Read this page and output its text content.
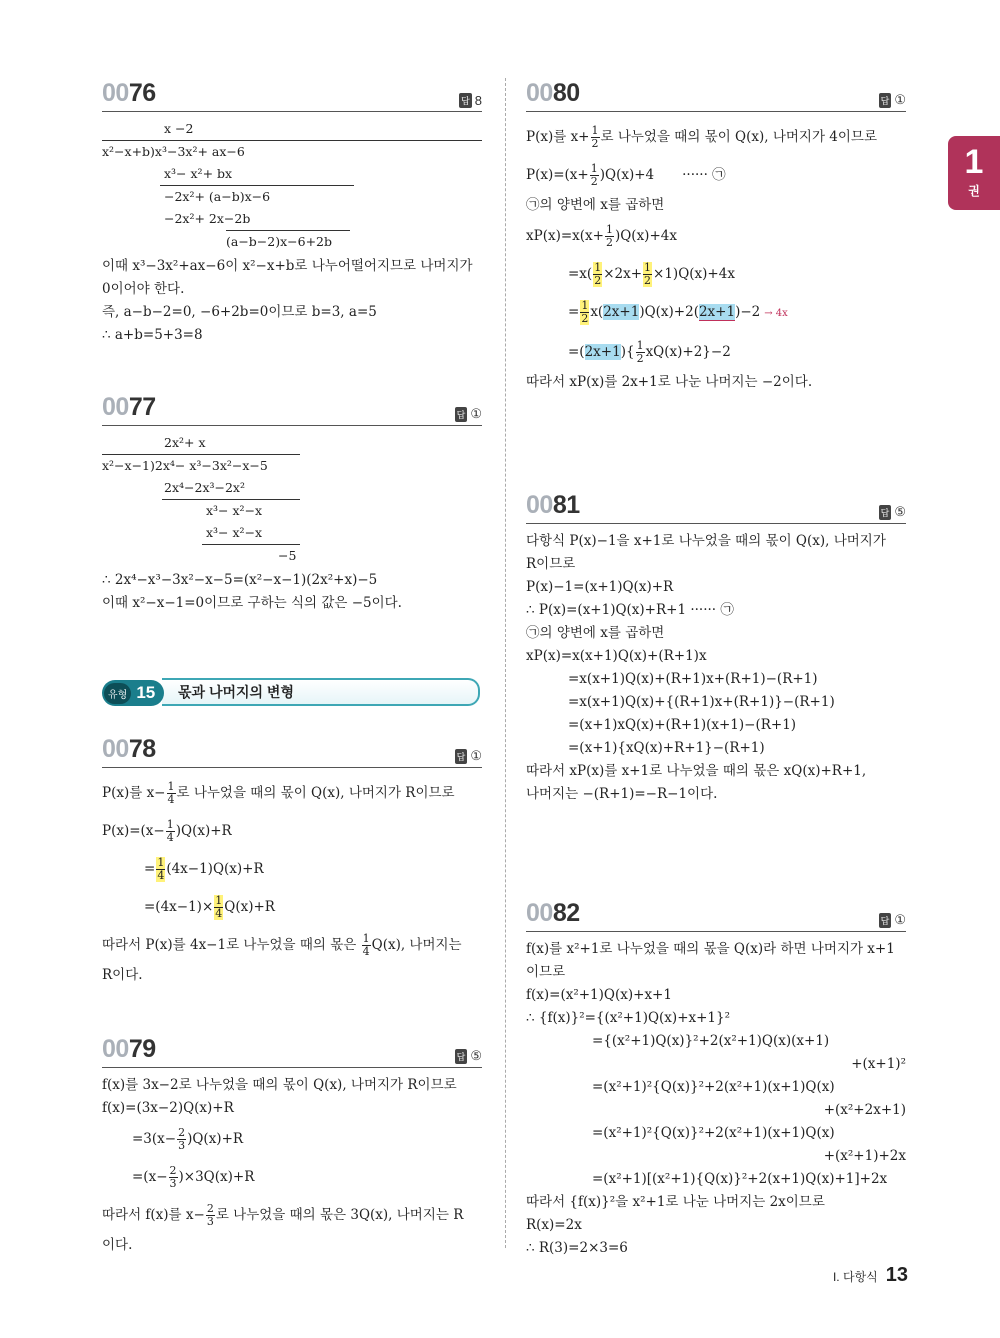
1
권
0076	답 8
x −2
x²−x+b)x³−3x²+ ax−6
x³− x²+ bx
−2x²+ (a−b)x−6
−2x²+ 2x−2b
(a−b−2)x−6+2b
이때 x³−3x²+ax−6이 x²−x+b로 나누어떨어지므로 나머지가
0이어야 한다.
즉, a−b−2=0, −6+2b=0이므로 b=3, a=5
∴ a+b=5+3=8
0077	답 ①
2x²+ x
x²−x−1)2x⁴− x³−3x²−x−5
2x⁴−2x³−2x²
x³− x²−x
x³− x²−x
−5
∴ 2x⁴−x³−3x²−x−5=(x²−x−1)(2x²+x)−5
이때 x²−x−1=0이므로 구하는 식의 값은 −5이다.
몫과 나머지의 변형
유형 15
0078	답 ①
P(x)를 $x- \frac{1}{4}$ 로 나누었을 때의 몫이 Q(x), 나머지가 R이므로
$P(x)=(x- \frac{1}{4} )Q(x)+R$
= $\frac{1}{4} (4x-1)Q(x)+R$
$=(4x-1)\times \frac{1}{4} Q(x)+R$
따라서 P(x)를 4x−1로 나누었을 때의 몫은 $\frac{1}{4} Q(x)$, 나머지는
R이다.
0079	답 ⑤
f(x)를 3x−2로 나누었을 때의 몫이 Q(x), 나머지가 R이므로
f(x)=(3x−2)Q(x)+R
$=3(x- \frac{2}{3} )Q(x)+R$
$=(x- \frac{2}{3} )\times 3Q(x)+R$
따라서 f(x)를 $x- \frac{2}{3}$ 로 나누었을 때의 몫은 3Q(x), 나머지는 R
이다.
0080	답 ①
P(x)를 $x+ \frac{1}{2}$ 로 나누었을 때의 몫이 Q(x), 나머지가 4이므로
$P(x)=(x+ \frac{1}{2} )Q(x)+4$ ······ ㉠
㉠의 양변에 x를 곱하면
$xP(x)=x(x+ \frac{1}{2} )Q(x)+4x$
$=x( \frac{1}{2} \times 2x+ \frac{1}{2} \times 1)Q(x)+4x$
= $\frac{1}{2} x(2x+1)Q(x)+2(2x+1)-2 \to 4x$
$=(2x+1)\{ \frac{1}{2} xQ(x)+2\}-2$
따라서 xP(x)를 2x+1로 나눈 나머지는 −2이다.
0081	답 ⑤
다항식 P(x)−1을 x+1로 나누었을 때의 몫이 Q(x), 나머지가
R이므로
P(x)−1=(x+1)Q(x)+R
∴ P(x)=(x+1)Q(x)+R+1 ······ ㉠
㉠의 양변에 x를 곱하면
xP(x)=x(x+1)Q(x)+(R+1)x
=x(x+1)Q(x)+(R+1)x+(R+1)−(R+1)
=x(x+1)Q(x)+{(R+1)x+(R+1)}−(R+1)
=(x+1)xQ(x)+(R+1)(x+1)−(R+1)
=(x+1){xQ(x)+R+1}−(R+1)
따라서 xP(x)를 x+1로 나누었을 때의 몫은 xQ(x)+R+1,
나머지는 −(R+1)=−R−1이다.
0082	답 ①
f(x)를 x²+1로 나누었을 때의 몫을 Q(x)라 하면 나머지가 x+1
이므로
f(x)=(x²+1)Q(x)+x+1
∴ {f(x)}²={(x²+1)Q(x)+x+1}²
={(x²+1)Q(x)}²+2(x²+1)Q(x)(x+1)
+(x+1)²
=(x²+1)²{Q(x)}²+2(x²+1)(x+1)Q(x)
+(x²+2x+1)
=(x²+1)²{Q(x)}²+2(x²+1)(x+1)Q(x)
+(x²+1)+2x
=(x²+1)[(x²+1){Q(x)}²+2(x+1)Q(x)+1]+2x
따라서 {f(x)}²을 x²+1로 나눈 나머지는 2x이므로
R(x)=2x
∴ R(3)=2×3=6
I. 다항식 13
